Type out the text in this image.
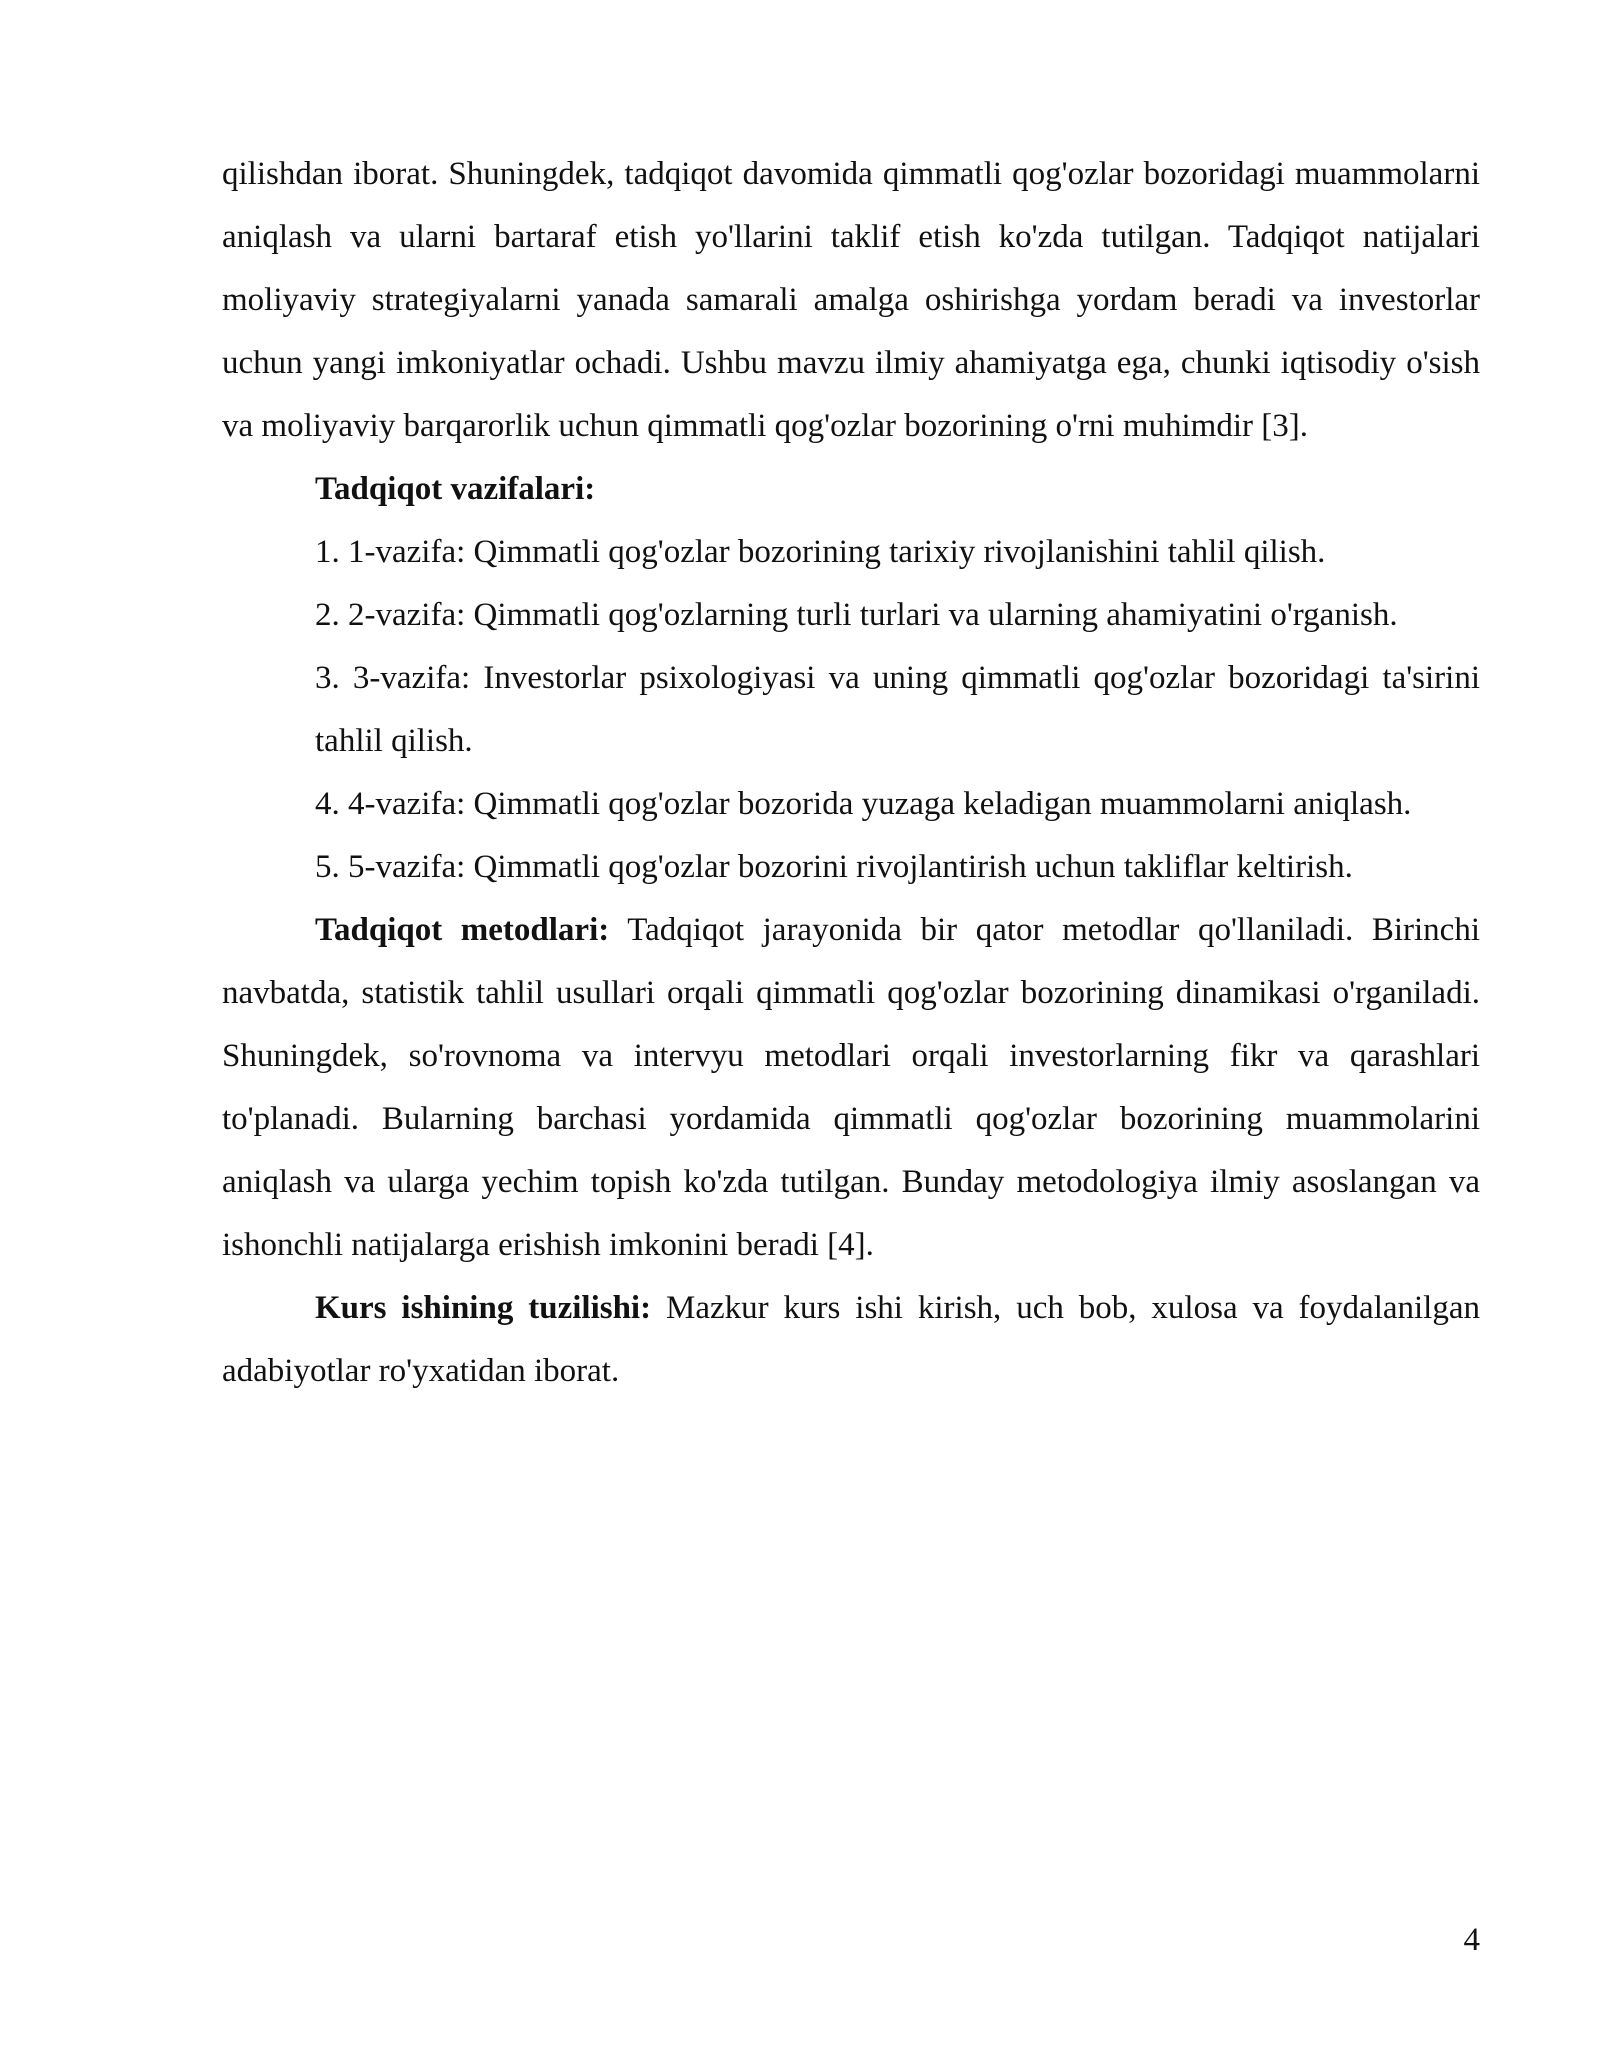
qilishdan iborat. Shuningdek, tadqiqot davomida qimmatli qog'ozlar bozoridagi muammolarni aniqlash va ularni bartaraf etish yo'llarini taklif etish ko'zda tutilgan. Tadqiqot natijalari moliyaviy strategiyalarni yanada samarali amalga oshirishga yordam beradi va investorlar uchun yangi imkoniyatlar ochadi. Ushbu mavzu ilmiy ahamiyatga ega, chunki iqtisodiy o'sish va moliyaviy barqarorlik uchun qimmatli qog'ozlar bozorining o'rni muhimdir [3].

Tadqiqot vazifalari:

1. 1-vazifa: Qimmatli qog'ozlar bozorining tarixiy rivojlanishini tahlil qilish.

2. 2-vazifa: Qimmatli qog'ozlarning turli turlari va ularning ahamiyatini o'rganish.

3. 3-vazifa: Investorlar psixologiyasi va uning qimmatli qog'ozlar bozoridagi ta'sirini tahlil qilish.

4. 4-vazifa: Qimmatli qog'ozlar bozorida yuzaga keladigan muammolarni aniqlash.

5. 5-vazifa: Qimmatli qog'ozlar bozorini rivojlantirish uchun takliflar keltirish.

Tadqiqot metodlari: Tadqiqot jarayonida bir qator metodlar qo'llaniladi. Birinchi navbatda, statistik tahlil usullari orqali qimmatli qog'ozlar bozorining dinamikasi o'rganiladi. Shuningdek, so'rovnoma va intervyu metodlari orqali investorlarning fikr va qarashlari to'planadi. Bularning barchasi yordamida qimmatli qog'ozlar bozorining muammolarini aniqlash va ularga yechim topish ko'zda tutilgan. Bunday metodologiya ilmiy asoslangan va ishonchli natijalarga erishish imkonini beradi [4].

Kurs ishining tuzilishi: Mazkur kurs ishi kirish, uch bob, xulosa va foydalanilgan adabiyotlar ro'yxatidan iborat.

4
